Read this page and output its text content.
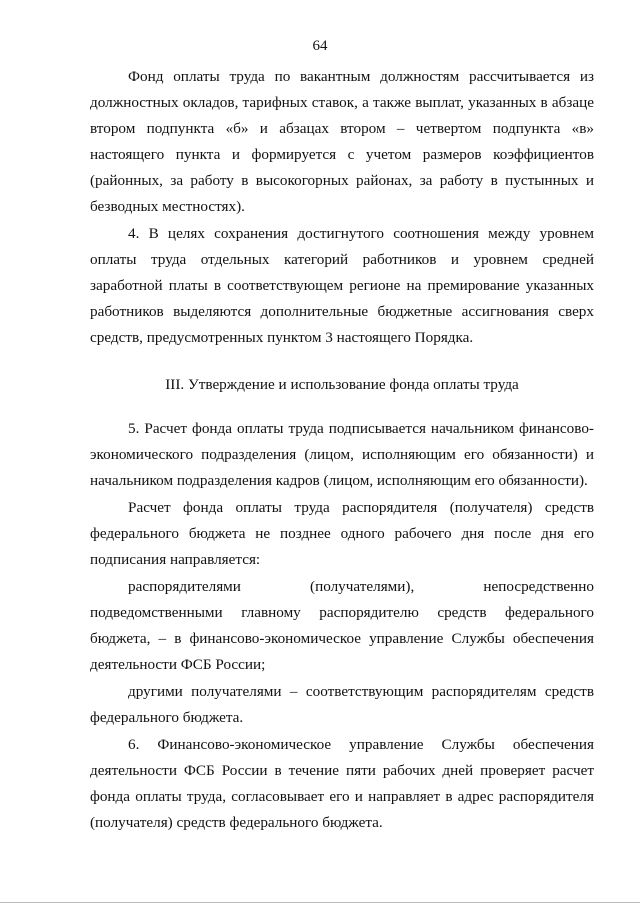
64

Фонд оплаты труда по вакантным должностям рассчитывается из должностных окладов, тарифных ставок, а также выплат, указанных в абзаце втором подпункта «б» и абзацах втором – четвертом подпункта «в» настоящего пункта и формируется с учетом размеров коэффициентов (районных, за работу в высокогорных районах, за работу в пустынных и безводных местностях).

4. В целях сохранения достигнутого соотношения между уровнем оплаты труда отдельных категорий работников и уровнем средней заработной платы в соответствующем регионе на премирование указанных работников выделяются дополнительные бюджетные ассигнования сверх средств, предусмотренных пунктом 3 настоящего Порядка.

III. Утверждение и использование фонда оплаты труда

5. Расчет фонда оплаты труда подписывается начальником финансово-экономического подразделения (лицом, исполняющим его обязанности) и начальником подразделения кадров (лицом, исполняющим его обязанности).

Расчет фонда оплаты труда распорядителя (получателя) средств федерального бюджета не позднее одного рабочего дня после дня его подписания направляется:

распорядителями (получателями), непосредственно

подведомственными главному распорядителю средств федерального бюджета, – в финансово-экономическое управление Службы обеспечения деятельности ФСБ России;

другими получателями – соответствующим распорядителям средств федерального бюджета.

6. Финансово-экономическое управление Службы обеспечения деятельности ФСБ России в течение пяти рабочих дней проверяет расчет фонда оплаты труда, согласовывает его и направляет в адрес распорядителя (получателя) средств федерального бюджета.
